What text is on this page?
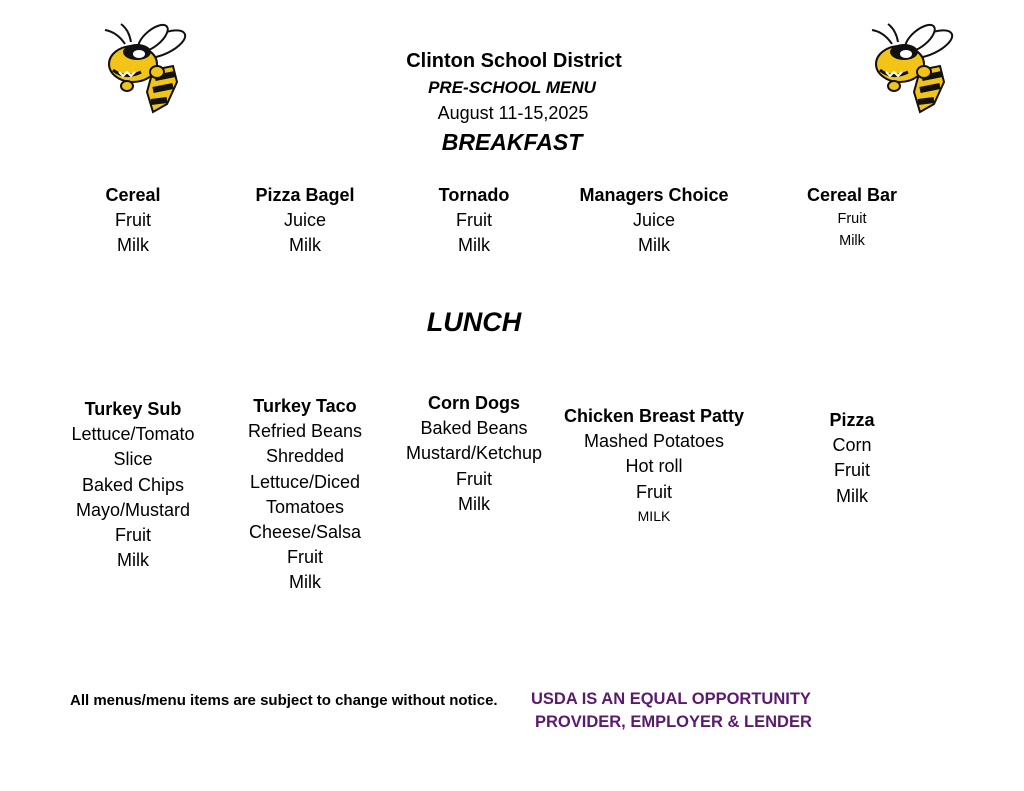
Clinton School District
PRE-SCHOOL MENU
August 11-15,2025
BREAKFAST
Cereal
Fruit
Milk
Pizza Bagel
Juice
Milk
Tornado
Fruit
Milk
Managers Choice
Juice
Milk
Cereal Bar
Fruit
Milk
LUNCH
Turkey Sub
Lettuce/Tomato
Slice
Baked Chips
Mayo/Mustard
Fruit
Milk
Turkey Taco
Refried Beans
Shredded
Lettuce/Diced
Tomatoes
Cheese/Salsa
Fruit
Milk
Corn Dogs
Baked Beans
Mustard/Ketchup
Fruit
Milk
Chicken Breast Patty
Mashed Potatoes
Hot roll
Fruit
MILK
Pizza
Corn
Fruit
Milk
All menus/menu items are subject to change without notice. USDA IS AN EQUAL OPPORTUNITY
PROVIDER, EMPLOYER & LENDER
